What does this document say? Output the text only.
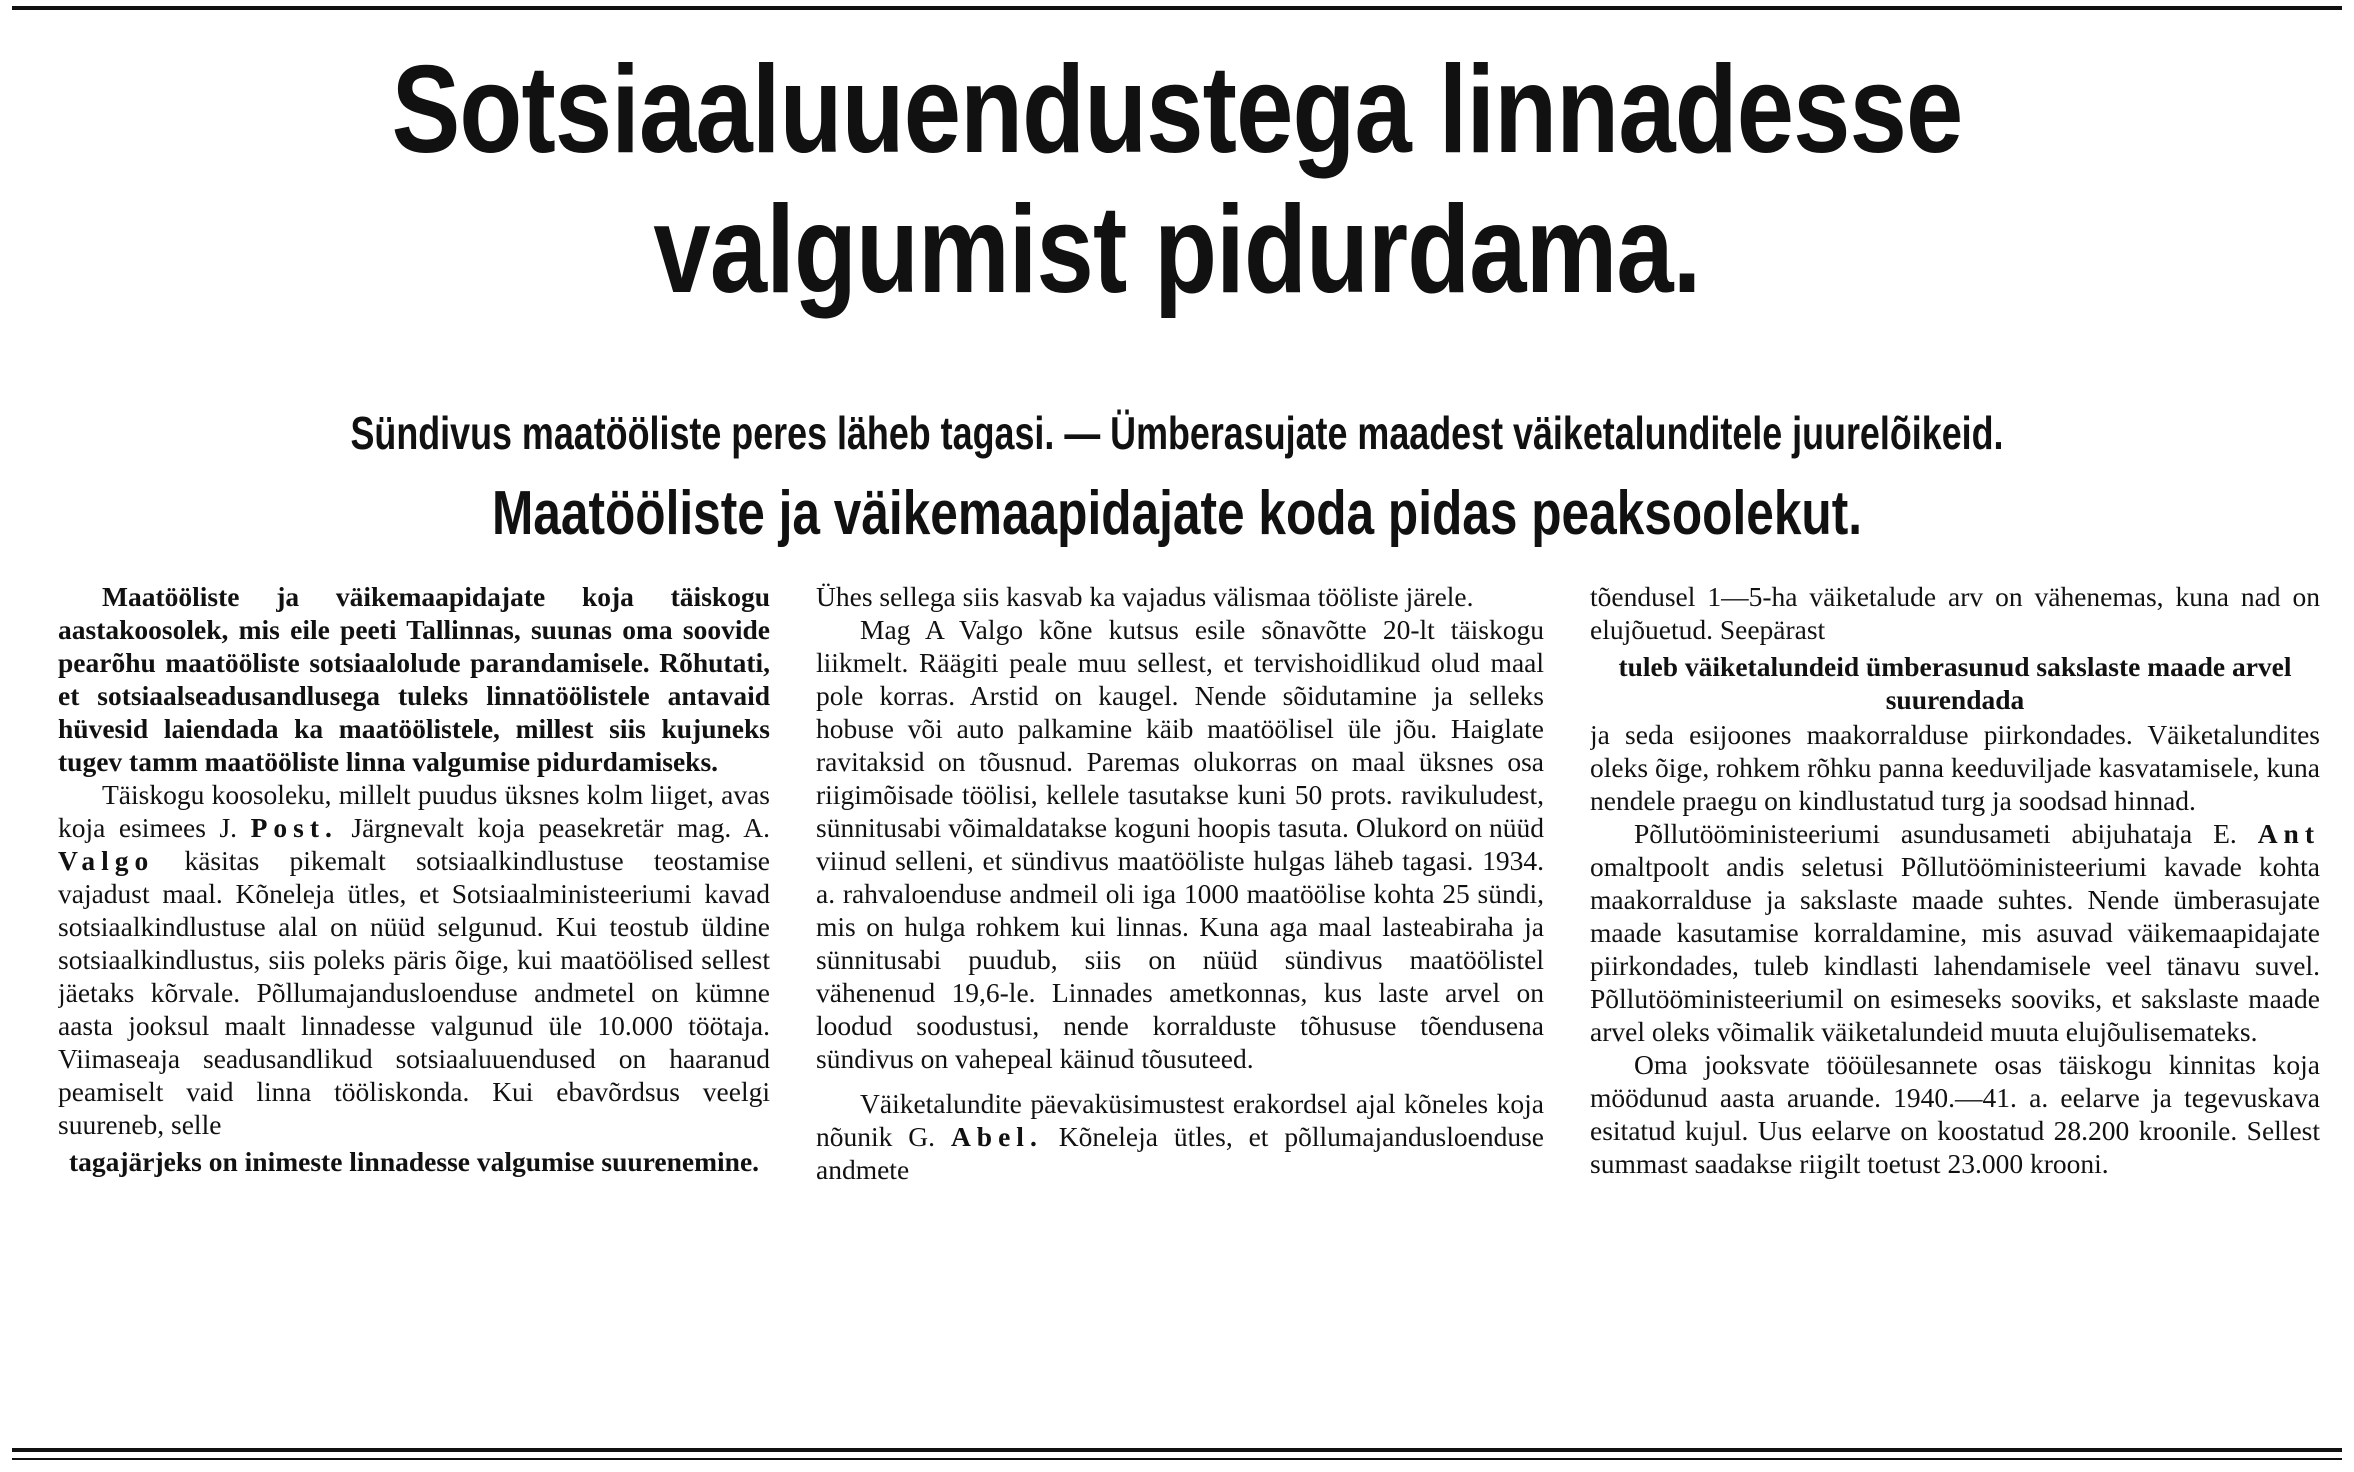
Sotsiaaluuendustega linnadesse
valgumist pidurdama.
Sündivus maatööliste peres läheb tagasi. — Ümberasujate maadest väiketalunditele juurelõikeid.
Maatööliste ja väikemaapidajate koda pidas peaksoolekut.

Maatööliste ja väikemaapidajate koja täiskogu aastakoosolek, mis eile peeti Tallinnas, suunas oma soovide pearõhu maatööliste sotsiaalolude parandamisele. Rõhutati, et sotsiaalseadusandlusega tuleks linnatöölistele antavaid hüvesid laiendada ka maatöölistele, millest siis kujuneks tugev tamm maatööliste linna valgumise pidurdamiseks.

Täiskogu koosoleku, millelt puudus üksnes kolm liiget, avas koja esimees J. Post. Järgnevalt koja peasekretär mag. A. Valgo käsitas pikemalt sotsiaalkindlustuse teostamise vajadust maal. Kõneleja ütles, et Sotsiaalministeeriumi kavad sotsiaalkindlustuse alal on nüüd selgunud. Kui teostub üldine sotsiaalkindlustus, siis poleks päris õige, kui maatöölised sellest jäetaks kõrvale. Põllumajandusloenduse andmetel on kümne aasta jooksul maalt linnadesse valgunud üle 10.000 töötaja. Viimaseaja seadusandlikud sotsiaaluuendused on haaranud peamiselt vaid linna tööliskonda. Kui ebavõrdsus veelgi suureneb, selle

tagajärjeks on inimeste linnadesse valgumise suurenemine.

Ühes sellega siis kasvab ka vajadus välismaa tööliste järele.

Mag A Valgo kõne kutsus esile sõnavõtte 20-lt täiskogu liikmelt. Räägiti peale muu sellest, et tervishoidlikud olud maal pole korras. Arstid on kaugel. Nende sõidutamine ja selleks hobuse või auto palkamine käib maatöölisel üle jõu. Haiglate ravitaksid on tõusnud. Paremas olukorras on maal üksnes osa riigimõisade töölisi, kellele tasutakse kuni 50 prots. ravikuludest, sünnitusabi võimaldatakse koguni hoopis tasuta. Olukord on nüüd viinud selleni, et sündivus maatööliste hulgas läheb tagasi. 1934. a. rahvaloenduse andmeil oli iga 1000 maatöölise kohta 25 sündi, mis on hulga rohkem kui linnas. Kuna aga maal lasteabiraha ja sünnitusabi puudub, siis on nüüd sündivus maatöölistel vähenenud 19,6-le. Linnades ametkonnas, kus laste arvel on loodud soodustusi, nende korralduste tõhususe tõendusena sündivus on vahepeal käinud tõusuteed.

Väiketalundite päevaküsimustest erakordsel ajal kõneles koja nõunik G. Abel. Kõneleja ütles, et põllumajandusloenduse andmete

tõendusel 1—5-ha väiketalude arv on vähenemas, kuna nad on elujõuetud. Seepärast

tuleb väiketalundeid ümberasunud sakslaste maade arvel suurendada

ja seda esijoones maakorralduse piirkondades. Väiketalundites oleks õige, rohkem rõhku panna keeduviljade kasvatamisele, kuna nendele praegu on kindlustatud turg ja soodsad hinnad.

Põllutööministeeriumi asundusameti abijuhataja E. Ant omaltpoolt andis seletusi Põllutööministeeriumi kavade kohta maakorralduse ja sakslaste maade suhtes. Nende ümberasujate maade kasutamise korraldamine, mis asuvad väikemaapidajate piirkondades, tuleb kindlasti lahendamisele veel tänavu suvel. Põllutööministeeriumil on esimeseks sooviks, et sakslaste maade arvel oleks võimalik väiketalundeid muuta elujõulisemateks.

Oma jooksvate tööülesannete osas täiskogu kinnitas koja möödunud aasta aruande. 1940.—41. a. eelarve ja tegevuskava esitatud kujul. Uus eelarve on koostatud 28.200 kroonile. Sellest summast saadakse riigilt toetust 23.000 krooni.
